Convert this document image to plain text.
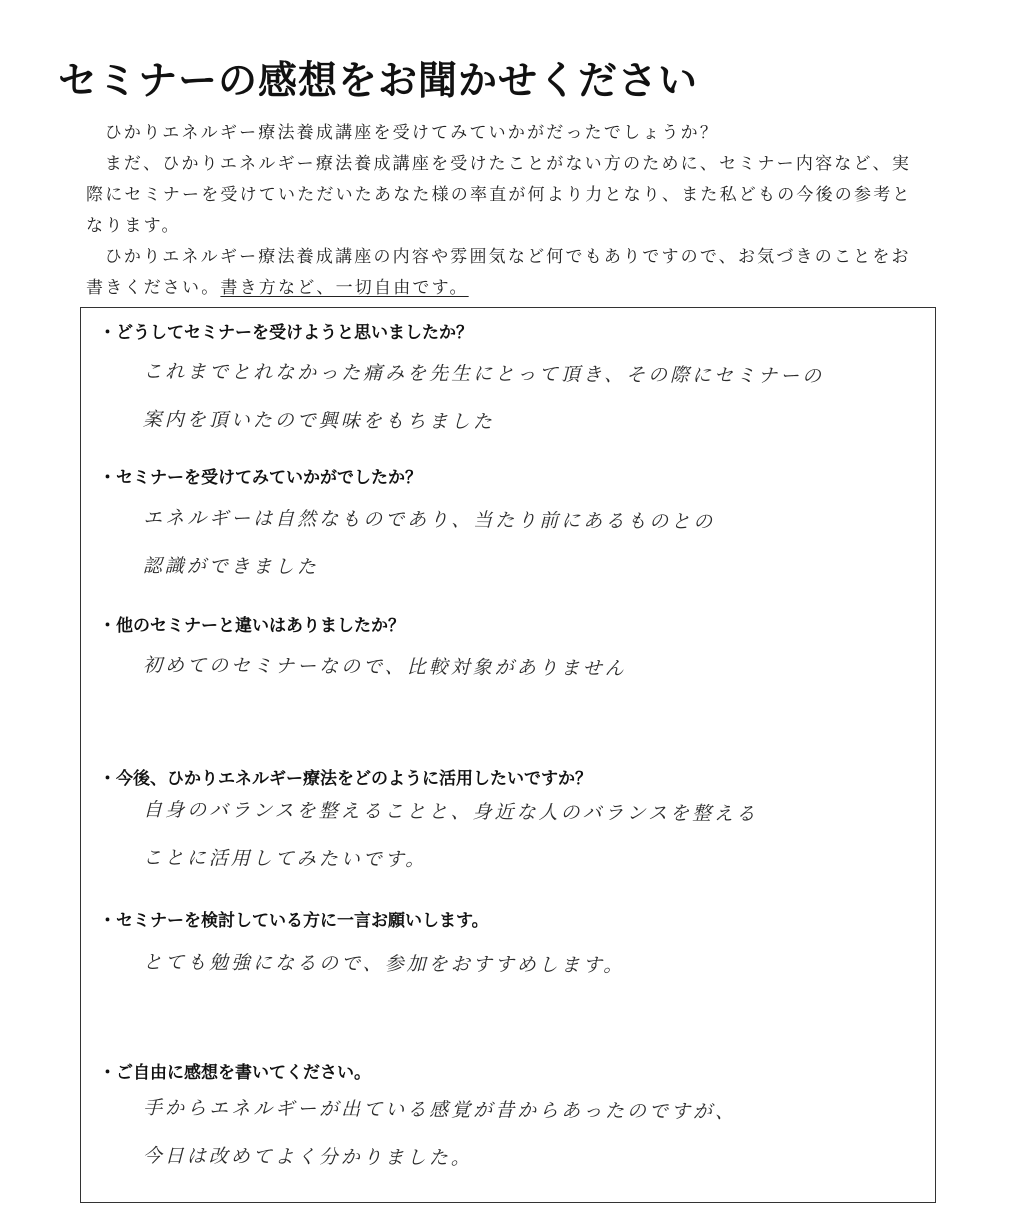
セミナーの感想をお聞かせください

ひかりエネルギー療法養成講座を受けてみていかがだったでしょうか？

まだ、ひかりエネルギー療法養成講座を受けたことがない方のために、セミナー内容など、実際にセミナーを受けていただいたあなた様の率直が何より力となり、また私どもの今後の参考となります。

ひかりエネルギー療法養成講座の内容や雰囲気など何でもありですので、お気づきのことをお書きください。書き方など、一切自由です。

・どうしてセミナーを受けようと思いましたか？
これまでとれなかった痛みを先生にとって頂き、その際にセミナーの
案内を頂いたので興味をもちました
・セミナーを受けてみていかがでしたか？
エネルギーは自然なものであり、当たり前にあるものとの
認識ができました
・他のセミナーと違いはありましたか？
初めてのセミナーなので、比較対象がありません
・今後、ひかりエネルギー療法をどのように活用したいですか？
自身のバランスを整えることと、身近な人のバランスを整える
ことに活用してみたいです。
・セミナーを検討している方に一言お願いします。
とても勉強になるので、参加をおすすめします。
・ご自由に感想を書いてください。
手からエネルギーが出ている感覚が昔からあったのですが、
今日は改めてよく分かりました。
